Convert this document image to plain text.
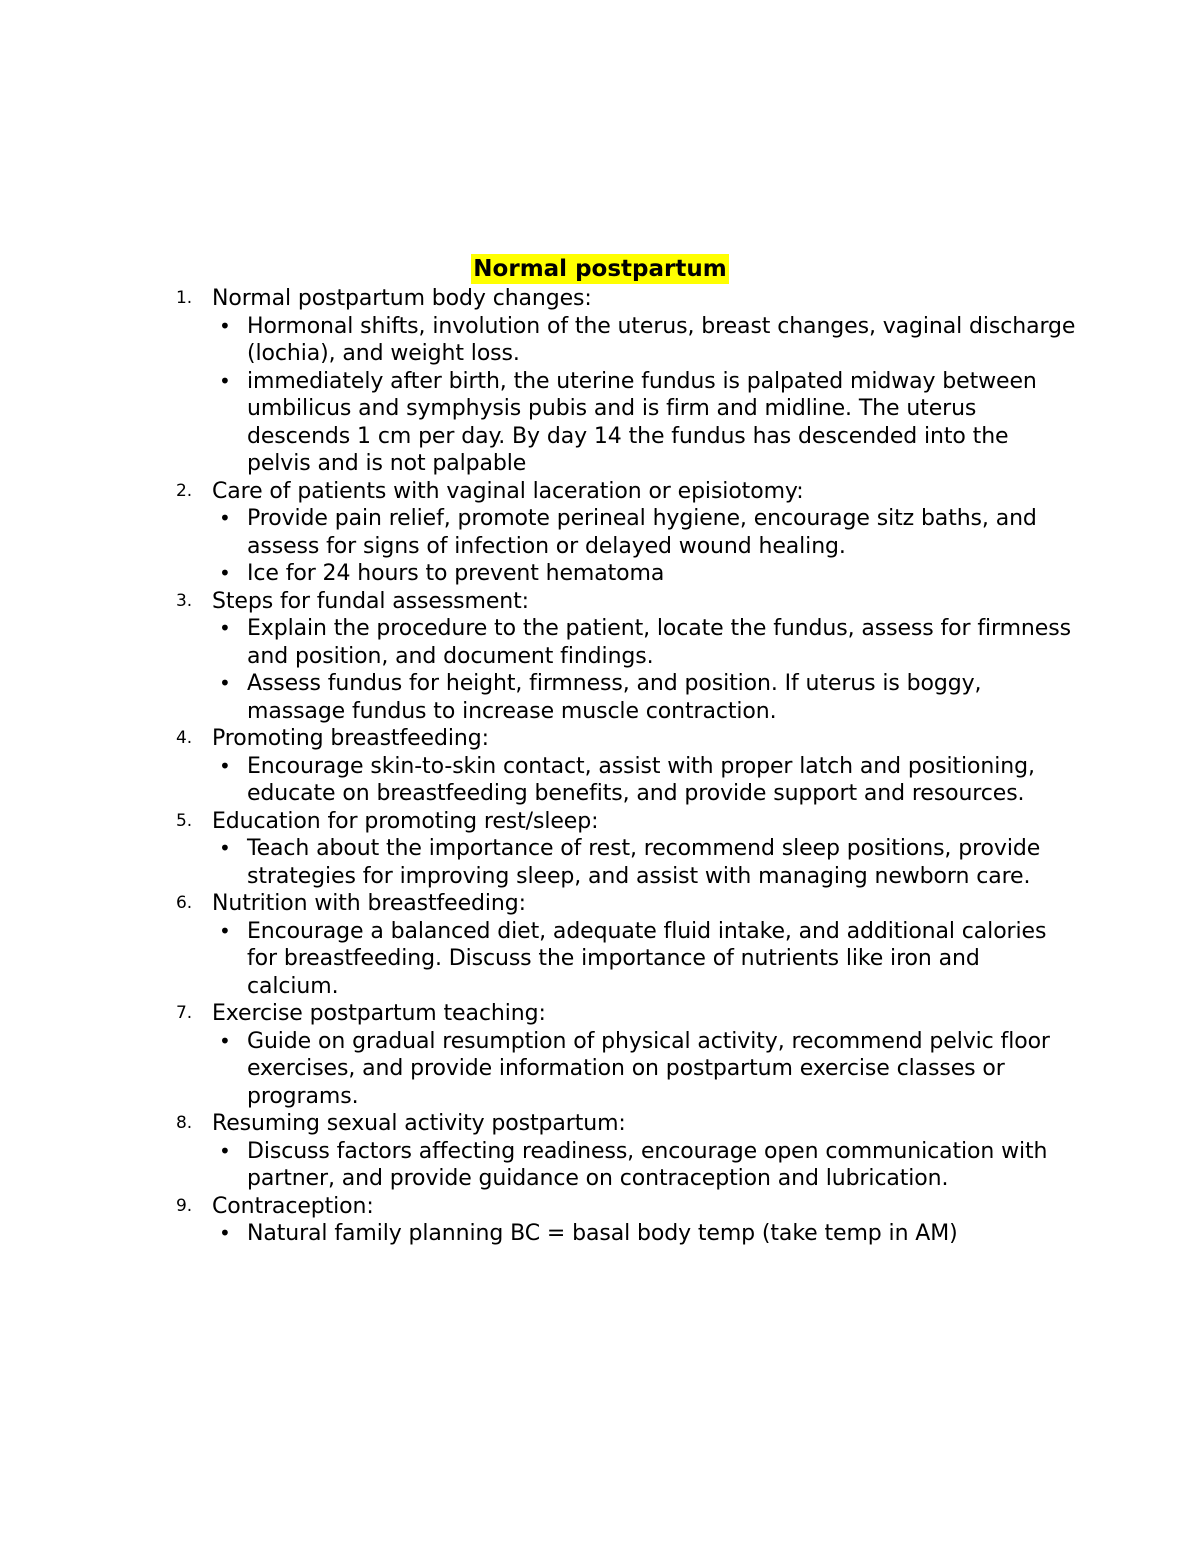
Normal postpartum
1. Normal postpartum body changes:
• Hormonal shifts, involution of the uterus, breast changes, vaginal discharge (lochia), and weight loss.
• immediately after birth, the uterine fundus is palpated midway between umbilicus and symphysis pubis and is firm and midline. The uterus descends 1 cm per day. By day 14 the fundus has descended into the pelvis and is not palpable
2. Care of patients with vaginal laceration or episiotomy:
• Provide pain relief, promote perineal hygiene, encourage sitz baths, and assess for signs of infection or delayed wound healing.
• Ice for 24 hours to prevent hematoma
3. Steps for fundal assessment:
• Explain the procedure to the patient, locate the fundus, assess for firmness and position, and document findings.
• Assess fundus for height, firmness, and position. If uterus is boggy, massage fundus to increase muscle contraction.
4. Promoting breastfeeding:
• Encourage skin-to-skin contact, assist with proper latch and positioning, educate on breastfeeding benefits, and provide support and resources.
5. Education for promoting rest/sleep:
• Teach about the importance of rest, recommend sleep positions, provide strategies for improving sleep, and assist with managing newborn care.
6. Nutrition with breastfeeding:
• Encourage a balanced diet, adequate fluid intake, and additional calories for breastfeeding. Discuss the importance of nutrients like iron and calcium.
7. Exercise postpartum teaching:
• Guide on gradual resumption of physical activity, recommend pelvic floor exercises, and provide information on postpartum exercise classes or programs.
8. Resuming sexual activity postpartum:
• Discuss factors affecting readiness, encourage open communication with partner, and provide guidance on contraception and lubrication.
9. Contraception:
• Natural family planning BC = basal body temp (take temp in AM)
